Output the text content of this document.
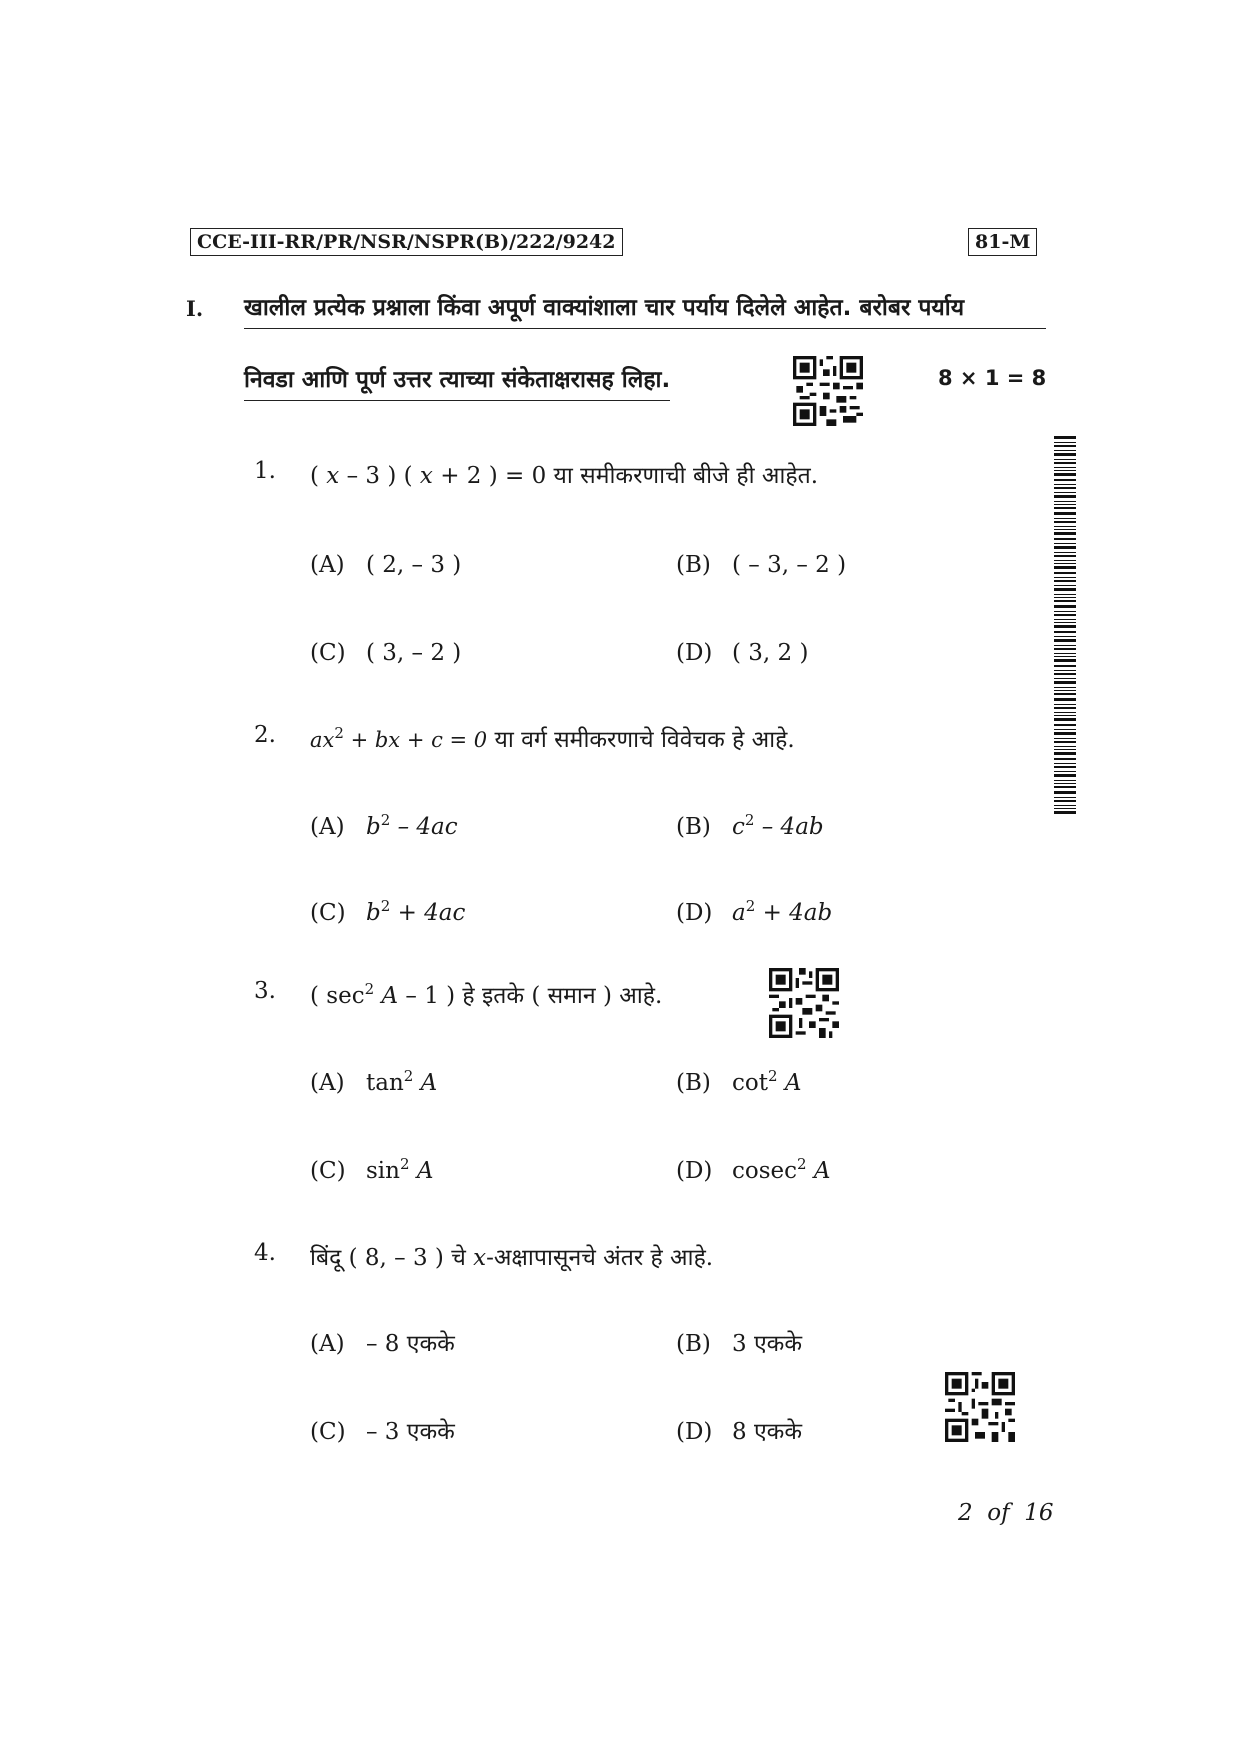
CCE-III-RR/PR/NSR/NSPR(B)/222/9242	81-M
I. खालील प्रत्येक प्रश्नाला किंवा अपूर्ण वाक्यांशाला चार पर्याय दिलेले आहेत. बरोबर पर्याय
निवडा आणि पूर्ण उत्तर त्याच्या संकेताक्षरासह लिहा.	8 × 1 = 8
1. ( x – 3 ) ( x + 2 ) = 0 या समीकरणाची बीजे ही आहेत.
(A) ( 2, – 3 )	(B) ( – 3, – 2 )
(C) ( 3, – 2 )	(D) ( 3, 2 )
2. $ax^2$ + bx + c = 0 या वर्ग समीकरणाचे विवेचक हे आहे.
(A) $b^2 - 4ac$	(B) $c^2 - 4ab$
(C) $b^2 + 4ac$	(D) $a^2 + 4ab$
3. ( $\sec^2 A - 1$ ) हे इतके ( समान ) आहे.
(A) $\tan^2 A$	(B) $\cot^2 A$
(C) $\sin^2 A$	(D) cosec$^2$ A
4. बिंदू ( 8, – 3 ) चे x-अक्षापासूनचे अंतर हे आहे.
(A) – 8 एकके	(B) 3 एकके
(C) – 3 एकके	(D) 8 एकके
2  of  16
